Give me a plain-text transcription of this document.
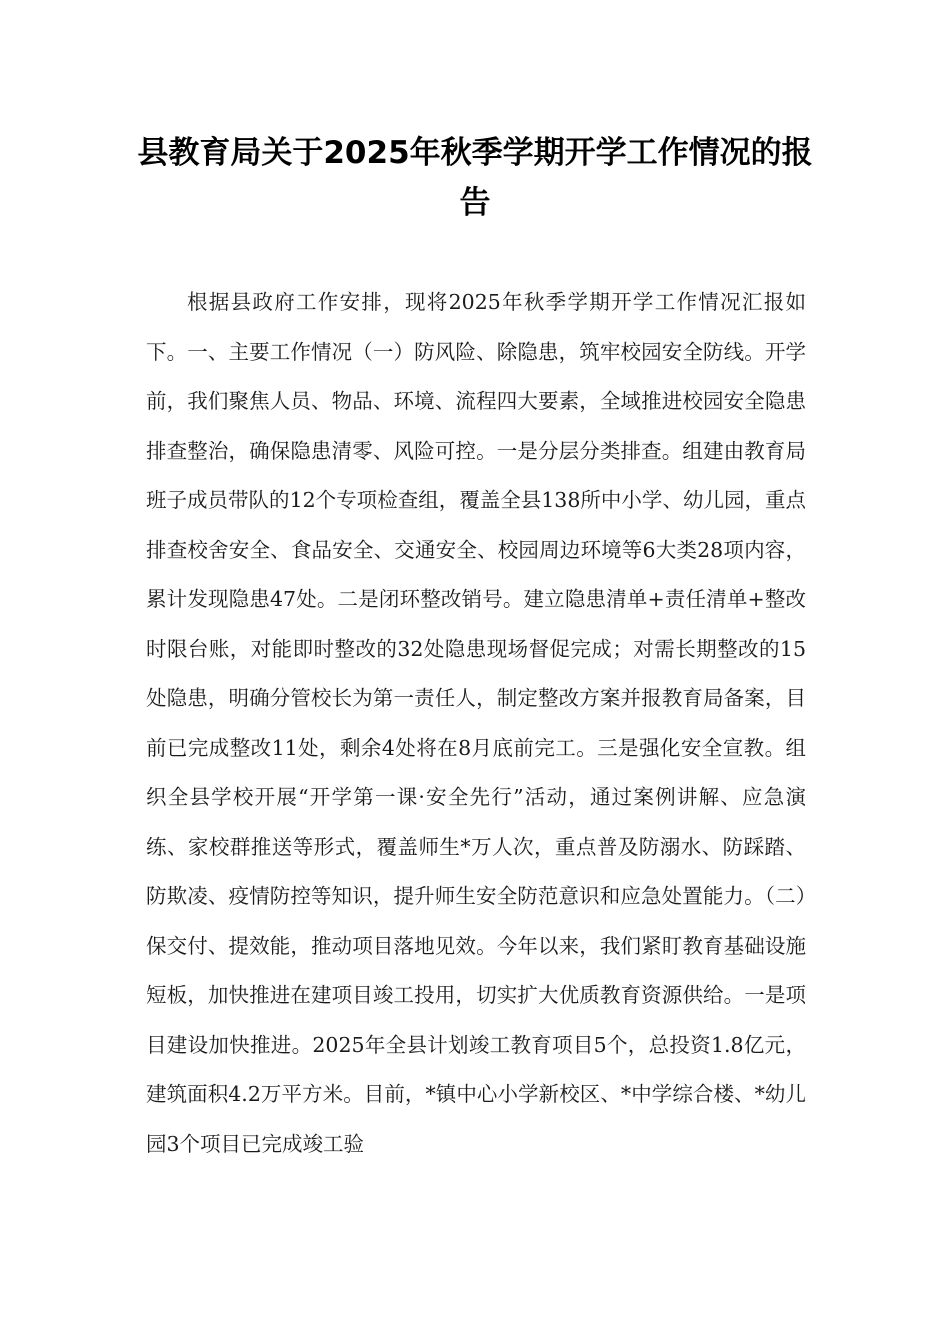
县教育局关于2025年秋季学期开学工作情况的报告

根据县政府工作安排，现将2025年秋季学期开学工作情况汇报如下。一、主要工作情况（一）防风险、除隐患，筑牢校园安全防线。开学前，我们聚焦人员、物品、环境、流程四大要素，全域推进校园安全隐患排查整治，确保隐患清零、风险可控。一是分层分类排查。组建由教育局班子成员带队的12个专项检查组，覆盖全县138所中小学、幼儿园，重点排查校舍安全、食品安全、交通安全、校园周边环境等6大类28项内容，累计发现隐患47处。二是闭环整改销号。建立隐患清单+责任清单+整改时限台账，对能即时整改的32处隐患现场督促完成；对需长期整改的15处隐患，明确分管校长为第一责任人，制定整改方案并报教育局备案，目前已完成整改11处，剩余4处将在8月底前完工。三是强化安全宣教。组织全县学校开展“开学第一课·安全先行”活动，通过案例讲解、应急演练、家校群推送等形式，覆盖师生*万人次，重点普及防溺水、防踩踏、防欺凌、疫情防控等知识，提升师生安全防范意识和应急处置能力。（二）保交付、提效能，推动项目落地见效。今年以来，我们紧盯教育基础设施短板，加快推进在建项目竣工投用，切实扩大优质教育资源供给。一是项目建设加快推进。2025年全县计划竣工教育项目5个，总投资1.8亿元，建筑面积4.2万平方米。目前，*镇中心小学新校区、*中学综合楼、*幼儿园3个项目已完成竣工验
